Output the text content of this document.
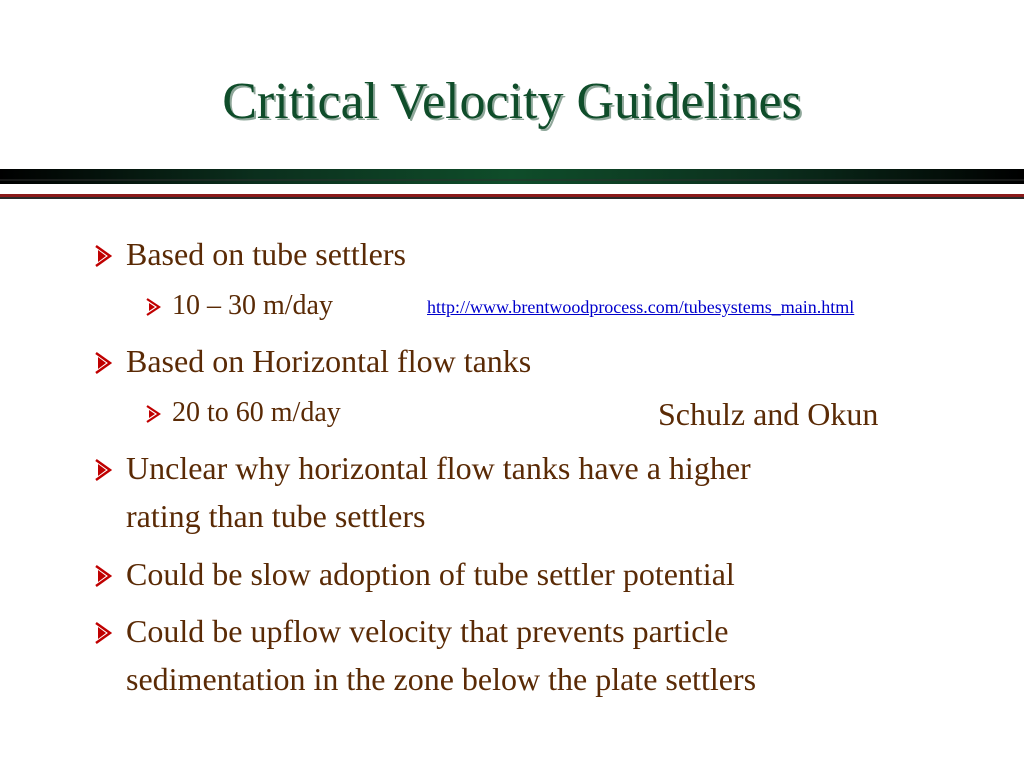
Critical Velocity Guidelines
Based on tube settlers
10 – 30 m/day	http://www.brentwoodprocess.com/tubesystems_main.html
Based on Horizontal flow tanks
20 to 60 m/day	Schulz and Okun
Unclear why horizontal flow tanks have a higher
rating than tube settlers
Could be slow adoption of tube settler potential
Could be upflow velocity that prevents particle
sedimentation in the zone below the plate settlers
